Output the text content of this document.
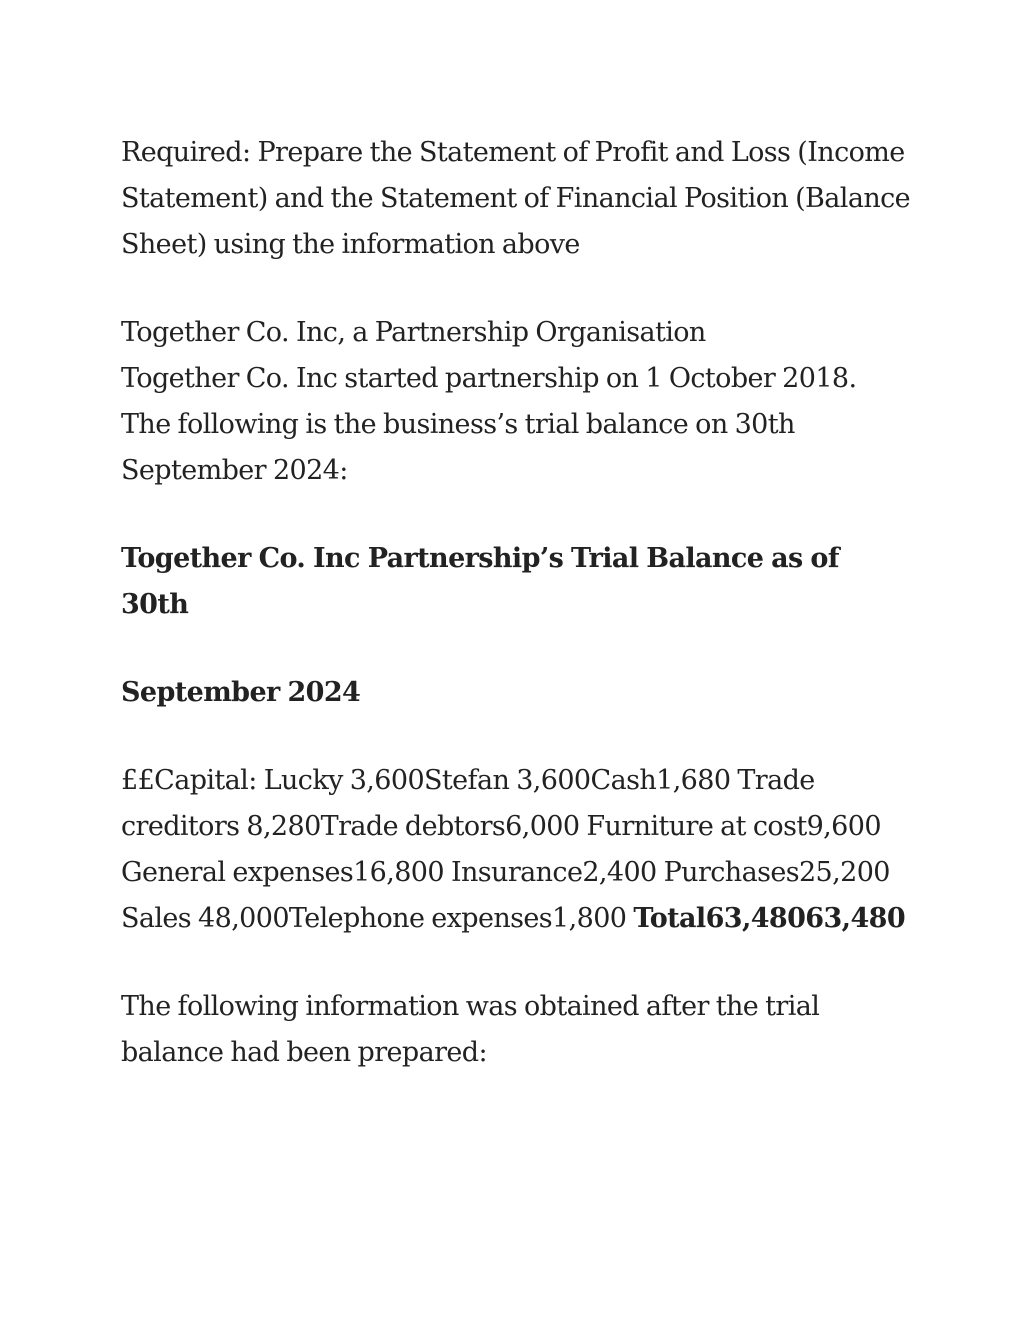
Required: Prepare the Statement of Profit and Loss (Income Statement) and the Statement of Financial Position (Balance Sheet) using the information above

Together Co. Inc, a Partnership Organisation
Together Co. Inc started partnership on 1 October 2018. The following is the business’s trial balance on 30th September 2024:

Together Co. Inc Partnership’s Trial Balance as of 30th

September 2024

££Capital: Lucky 3,600Stefan 3,600Cash1,680 Trade creditors 8,280Trade debtors6,000 Furniture at cost9,600 General expenses16,800 Insurance2,400 Purchases25,200 Sales 48,000Telephone expenses1,800 Total63,48063,480

The following information was obtained after the trial balance had been prepared:
